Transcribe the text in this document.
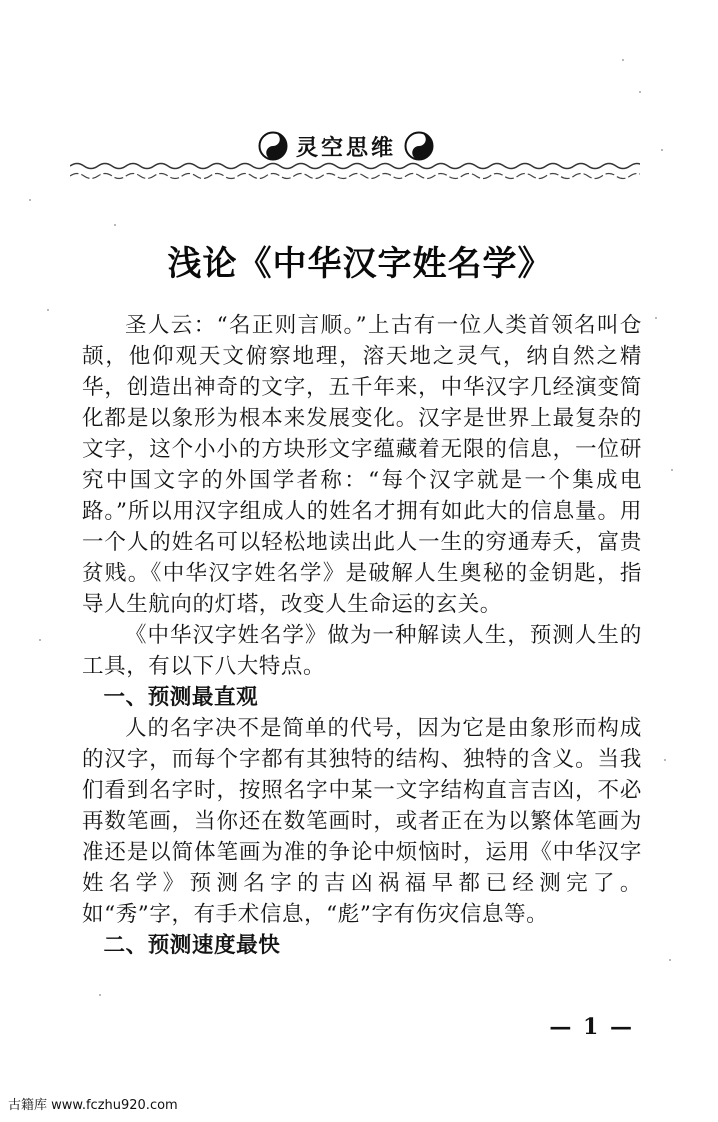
灵空思维
浅论《中华汉字姓名学》

圣人云：“名正则言顺。”上古有一位人类首领名叫仓颉，他仰观天文俯察地理，溶天地之灵气，纳自然之精华，创造出神奇的文字，五千年来，中华汉字几经演变简化都是以象形为根本来发展变化。汉字是世界上最复杂的文字，这个小小的方块形文字蕴藏着无限的信息，一位研究中国文字的外国学者称：“每个汉字就是一个集成电路。”所以用汉字组成人的姓名才拥有如此大的信息量。用一个人的姓名可以轻松地读出此人一生的穷通寿夭，富贵贫贱。《中华汉字姓名学》是破解人生奥秘的金钥匙，指导人生航向的灯塔，改变人生命运的玄关。

《中华汉字姓名学》做为一种解读人生，预测人生的工具，有以下八大特点。

一、预测最直观

人的名字决不是简单的代号，因为它是由象形而构成的汉字，而每个字都有其独特的结构、独特的含义。当我们看到名字时，按照名字中某一文字结构直言吉凶，不必再数笔画，当你还在数笔画时，或者正在为以繁体笔画为准还是以简体笔画为准的争论中烦恼时，运用《中华汉字姓名学》预测名字的吉凶祸福早都已经测完了。如“秀”字，有手术信息，“彪”字有伤灾信息等。

二、预测速度最快
— 1 —
古籍库 www.fczhu920.com
